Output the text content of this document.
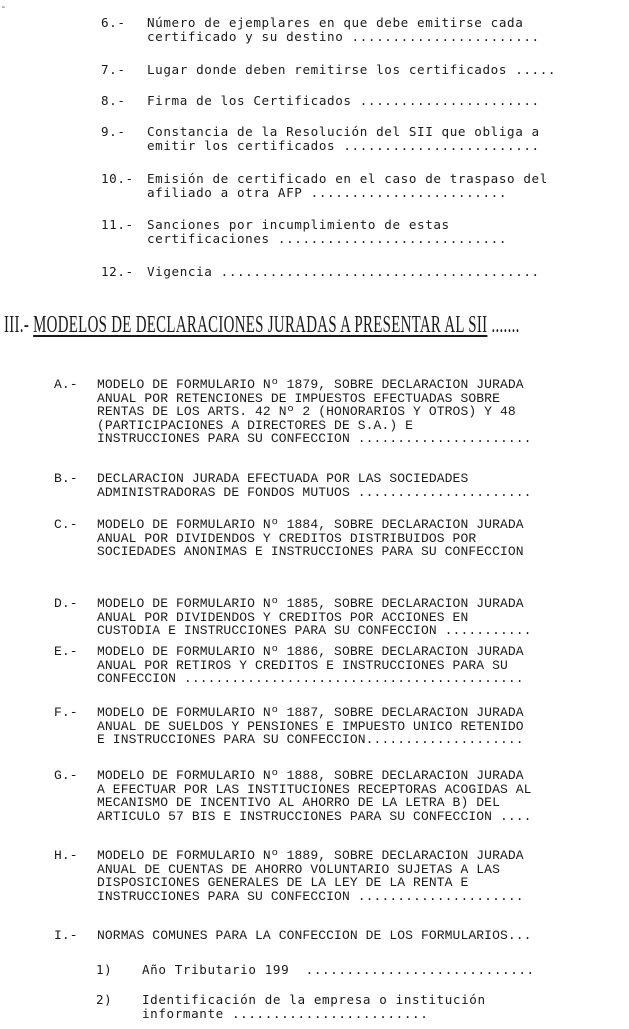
-
6.-	Número de ejemplares en que debe emitirse cada
certificado y su destino .......................
7.-	Lugar donde deben remitirse los certificados .....
8.-	Firma de los Certificados ......................
9.-	Constancia de la Resolución del SII que obliga a
emitir los certificados ........................
10.-	Emisión de certificado en el caso de traspaso del
afiliado a otra AFP ........................
11.-	Sanciones por incumplimiento de estas
certificaciones ............................
12.-	Vigencia .......................................
III.- MODELOS DE DECLARACIONES JURADAS A PRESENTAR AL SII .......
A.-	MODELO DE FORMULARIO Nº 1879, SOBRE DECLARACION JURADA
ANUAL POR RETENCIONES DE IMPUESTOS EFECTUADAS SOBRE
RENTAS DE LOS ARTS. 42 Nº 2 (HONORARIOS Y OTROS) Y 48
(PARTICIPACIONES A DIRECTORES DE S.A.) E
INSTRUCCIONES PARA SU CONFECCION ......................
B.-	DECLARACION JURADA EFECTUADA POR LAS SOCIEDADES
ADMINISTRADORAS DE FONDOS MUTUOS ......................
C.-	MODELO DE FORMULARIO Nº 1884, SOBRE DECLARACION JURADA
ANUAL POR DIVIDENDOS Y CREDITOS DISTRIBUIDOS POR
SOCIEDADES ANONIMAS E INSTRUCCIONES PARA SU CONFECCION
D.-	MODELO DE FORMULARIO Nº 1885, SOBRE DECLARACION JURADA
ANUAL POR DIVIDENDOS Y CREDITOS POR ACCIONES EN
CUSTODIA E INSTRUCCIONES PARA SU CONFECCION ...........
E.-	MODELO DE FORMULARIO Nº 1886, SOBRE DECLARACION JURADA
ANUAL POR RETIROS Y CREDITOS E INSTRUCCIONES PARA SU
CONFECCION ...........................................
F.-	MODELO DE FORMULARIO Nº 1887, SOBRE DECLARACION JURADA
ANUAL DE SUELDOS Y PENSIONES E IMPUESTO UNICO RETENIDO
E INSTRUCCIONES PARA SU CONFECCION....................
G.-	MODELO DE FORMULARIO Nº 1888, SOBRE DECLARACION JURADA
A EFECTUAR POR LAS INSTITUCIONES RECEPTORAS ACOGIDAS AL
MECANISMO DE INCENTIVO AL AHORRO DE LA LETRA B) DEL
ARTICULO 57 BIS E INSTRUCCIONES PARA SU CONFECCION ....
H.-	MODELO DE FORMULARIO Nº 1889, SOBRE DECLARACION JURADA
ANUAL DE CUENTAS DE AHORRO VOLUNTARIO SUJETAS A LAS
DISPOSICIONES GENERALES DE LA LEY DE LA RENTA E
INSTRUCCIONES PARA SU CONFECCION .....................
I.-	NORMAS COMUNES PARA LA CONFECCION DE LOS FORMULARIOS...
1)	Año Tributario 199  ............................
2)	Identificación de la empresa o institución
informante ........................
